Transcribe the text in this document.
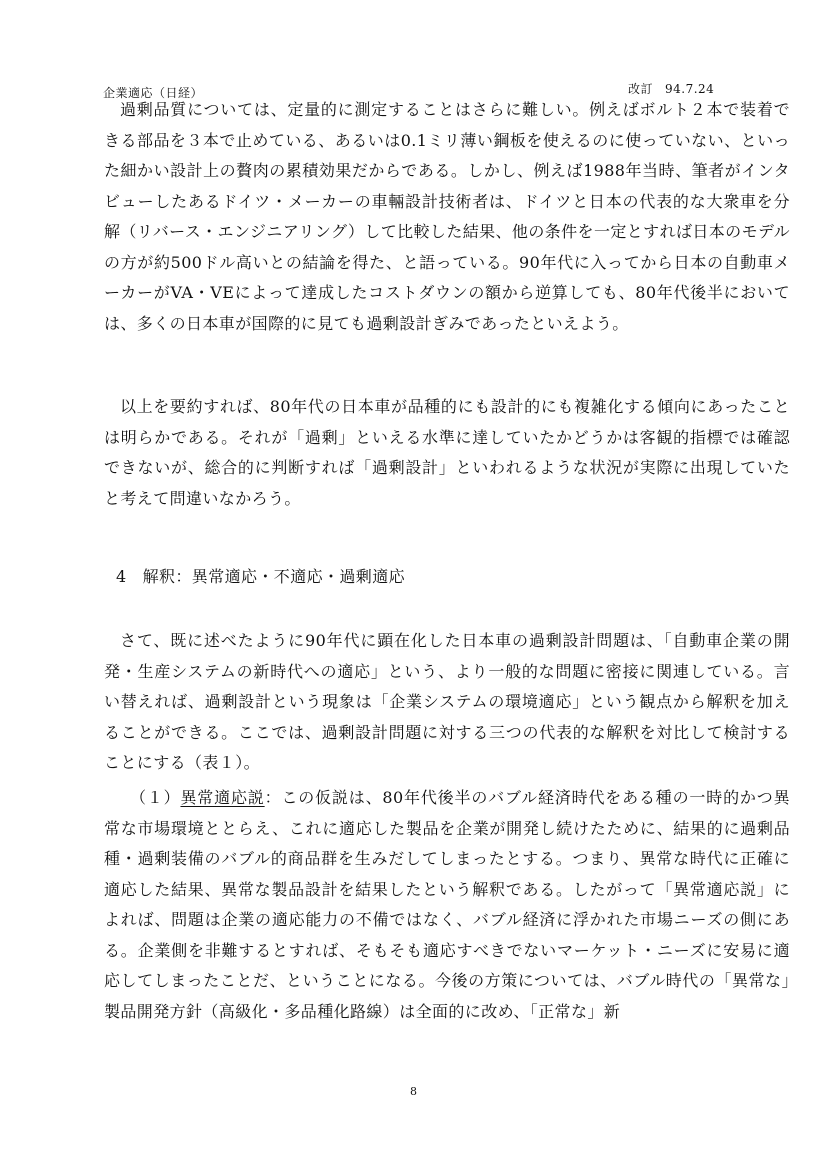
企業適応（日経）	改訂 94.7.24

過剰品質については、定量的に測定することはさらに難しい。例えばボルト２本で装着できる部品を３本で止めている、あるいは0.1ミリ薄い鋼板を使えるのに使っていない、といった細かい設計上の贅肉の累積効果だからである。しかし、例えば1988年当時、筆者がインタビューしたあるドイツ・メーカーの車輛設計技術者は、ドイツと日本の代表的な大衆車を分解（リバース・エンジニアリング）して比較した結果、他の条件を一定とすれば日本のモデルの方が約500ドル高いとの結論を得た、と語っている。90年代に入ってから日本の自動車メーカーがVA・VEによって達成したコストダウンの額から逆算しても、80年代後半においては、多くの日本車が国際的に見ても過剰設計ぎみであったといえよう。

以上を要約すれば、80年代の日本車が品種的にも設計的にも複雑化する傾向にあったことは明らかである。それが「過剰」といえる水準に達していたかどうかは客観的指標では確認できないが、総合的に判断すれば「過剰設計」といわれるような状況が実際に出現していたと考えて問違いなかろう。

4 解釈：異常適応・不適応・過剰適応

さて、既に述べたように90年代に顕在化した日本車の過剰設計問題は、「自動車企業の開発・生産システムの新時代への適応」という、より一般的な問題に密接に関連している。言い替えれば、過剰設計という現象は「企業システムの環境適応」という観点から解釈を加えることができる。ここでは、過剰設計問題に対する三つの代表的な解釈を対比して検討することにする（表１）。

（１）異常適応説：この仮説は、80年代後半のバブル経済時代をある種の一時的かつ異常な市場環境ととらえ、これに適応した製品を企業が開発し続けたために、結果的に過剰品種・過剰装備のバブル的商品群を生みだしてしまったとする。つまり、異常な時代に正確に適応した結果、異常な製品設計を結果したという解釈である。したがって「異常適応説」によれば、問題は企業の適応能力の不備ではなく、バブル経済に浮かれた市場ニーズの側にある。企業側を非難するとすれば、そもそも適応すべきでないマーケット・ニーズに安易に適応してしまったことだ、ということになる。今後の方策については、バブル時代の「異常な」製品開発方針（高級化・多品種化路線）は全面的に改め、「正常な」新

8
